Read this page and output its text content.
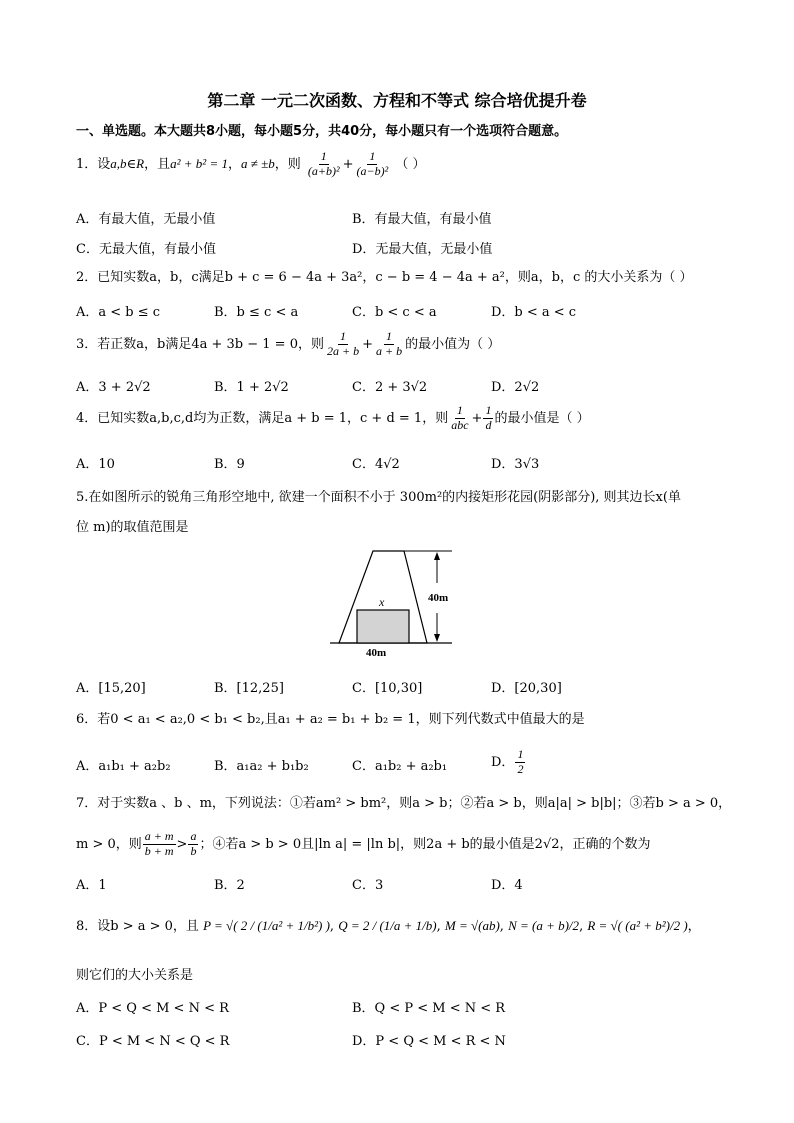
第二章 一元二次函数、方程和不等式 综合培优提升卷
一、单选题。本大题共8小题，每小题5分，共40分，每小题只有一个选项符合题意。
1．设a,b∈R，且a² + b² = 1，a ≠ ±b，则 $\frac{1}{\text{(a+b)²}} + \frac{1}{\text{(a−b)²}}$ （ ）
A．有最大值，无最小值	B．有最大值，有最小值
C．无最大值，有最小值	D．无最大值，无最小值
2．已知实数a，b，c满足b + c = 6 − 4a + 3a²，c − b = 4 − 4a + a²，则a，b，c 的大小关系为（ ）
A．a < b ≤ c	B．b ≤ c < a	C．b < c < a	D．b < a < c
3．若正数a，b满足4a + 3b − 1 = 0，则 $\frac{1}{2a + b} + \frac{1}{a + b}$ 的最小值为（ ）
A．3 + 2√2	B．1 + 2√2	C．2 + 3√2	D．2√2
4．已知实数a,b,c,d均为正数，满足a + b = 1，c + d = 1，则 $\frac{1}{\text{abc}} + \frac{1}{d}$ 的最小值是（ ）
A．10	B．9	C．4√2	D．3√3
5.在如图所示的锐角三角形空地中, 欲建一个面积不小于 300m²的内接矩形花园(阴影部分), 则其边长x(单
位 m)的取值范围是
40m
x
40m
A．[15,20]	B．[12,25]	C．[10,30]	D．[20,30]
6．若0 < a₁ < a₂,0 < b₁ < b₂,且a₁ + a₂ = b₁ + b₂ = 1，则下列代数式中值最大的是
A．a₁b₁ + a₂b₂	B．a₁a₂ + b₁b₂	C．a₁b₂ + a₂b₁	D． $\frac{1}{2}$
7．对于实数a 、b 、m，下列说法：①若am² > bm²，则a > b；②若a > b，则a|a| > b|b|；③若b > a > 0，
m > 0，则 $\frac{a + m}{b + m} > \frac{a}{b}$ ；④若a > b > 0且|ln a| = |ln b|，则2a + b的最小值是2√2，正确的个数为
A．1	B．2	C．3	D．4
8．设b > a > 0，且 P = √( 2 / (1/a² + 1/b²) ), Q = 2 / (1/a + 1/b), M = √(ab), N = (a + b)/2, R = √( (a² + b²)/2 )，
则它们的大小关系是
A．P < Q < M < N < R	B．Q < P < M < N < R
C．P < M < N < Q < R	D．P < Q < M < R < N
